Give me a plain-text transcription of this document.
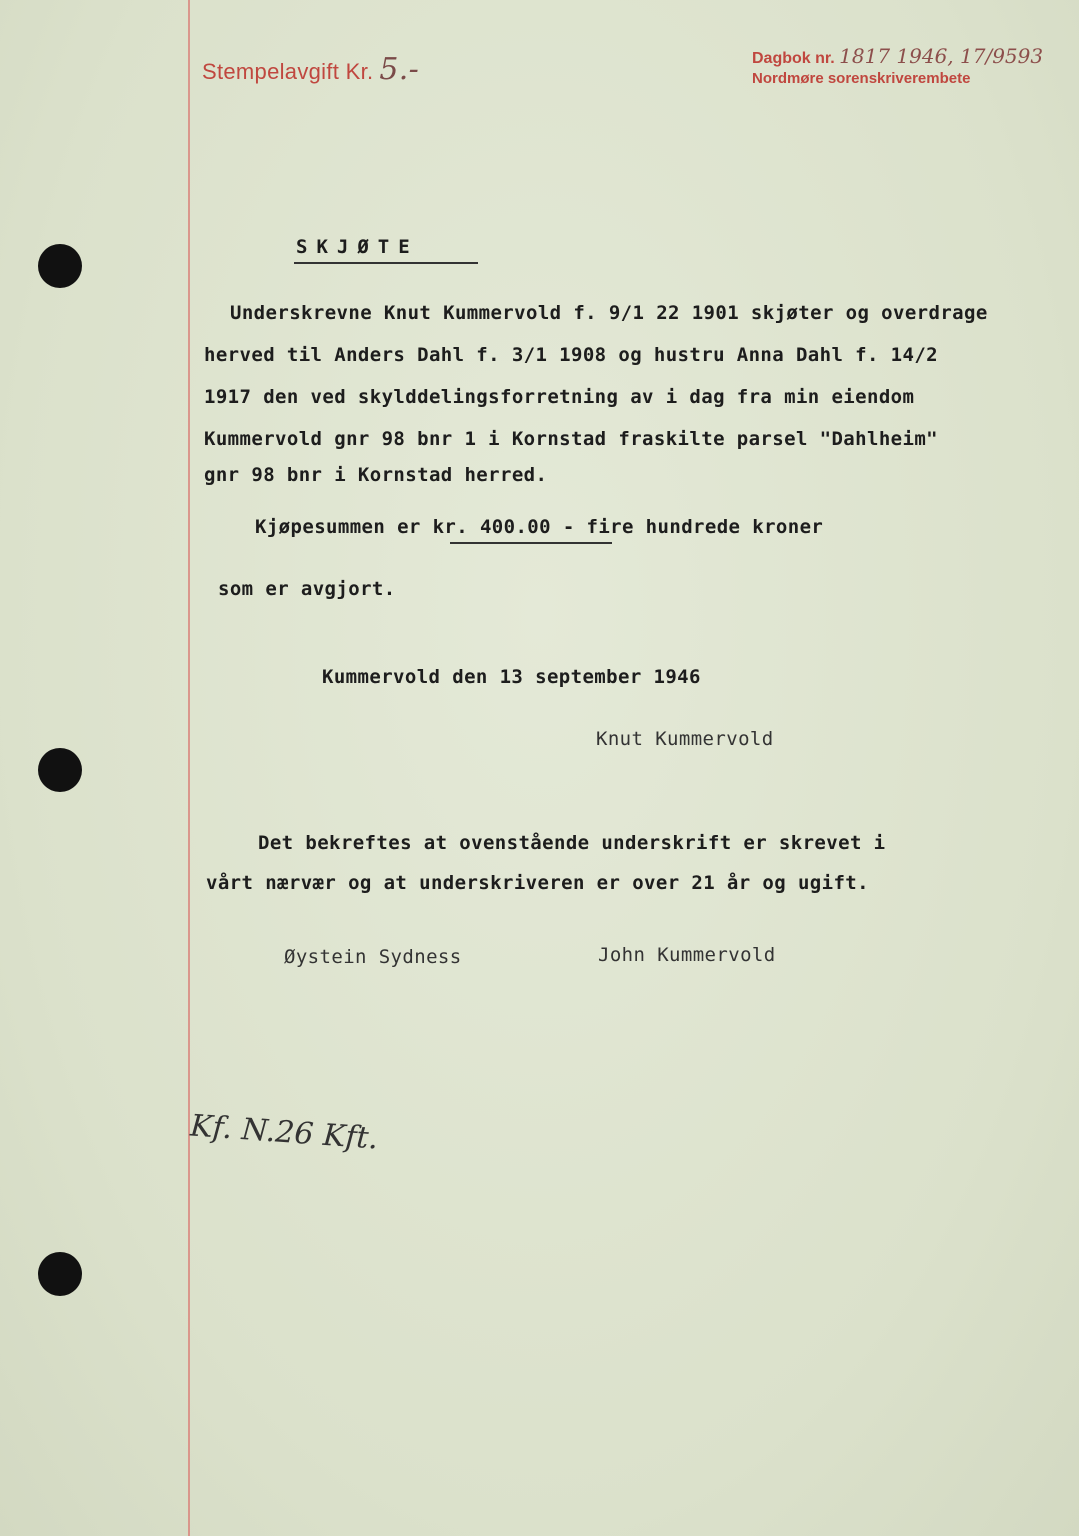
Stempelavgift Kr. 5.-	Dagbok nr. 1817 1946, 17/9593
Nordmøre sorenskriverembete
SKJØTE
Underskrevne Knut Kummervold f. 9/1 22 1901 skjøter og overdrage
herved til Anders Dahl f. 3/1 1908 og hustru Anna Dahl f. 14/2
1917 den ved skylddelingsforretning av i dag fra min eiendom
Kummervold gnr 98 bnr 1 i Kornstad fraskilte parsel "Dahlheim"
gnr 98 bnr i Kornstad herred.
Kjøpesummen er kr. 400.00 - fire hundrede kroner
som er avgjort.
Kummervold den 13 september 1946
Knut Kummervold
Det bekreftes at ovenstående underskrift er skrevet i
vårt nærvær og at underskriveren er over 21 år og ugift.
Øystein Sydness	John Kummervold
Kf. N.26 Kft.
